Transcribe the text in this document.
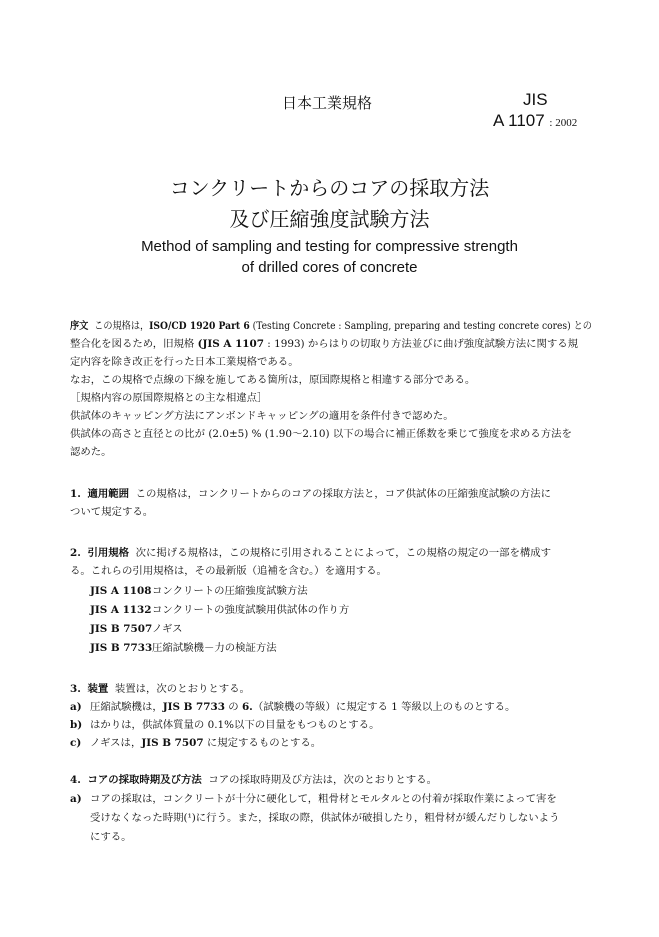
日本工業規格	JIS
A 1107 : 2002
コンクリートからのコアの採取方法
及び圧縮強度試験方法
Method of sampling and testing for compressive strength
of drilled cores of concrete
序文 この規格は，ISO/CD 1920 Part 6 (Testing Concrete : Sampling, preparing and testing concrete cores) との
整合化を図るため，旧規格 (JIS A 1107 : 1993) からはりの切取り方法並びに曲げ強度試験方法に関する規
定内容を除き改正を行った日本工業規格である。
なお，この規格で点線の下線を施してある箇所は，原国際規格と相違する部分である。
［規格内容の原国際規格との主な相違点］
供試体のキャッピング方法にアンボンドキャッピングの適用を条件付きで認めた。
供試体の高さと直径との比が (2.0±5) % (1.90～2.10) 以下の場合に補正係数を乗じて強度を求める方法を
認めた。
1. 適用範囲 この規格は，コンクリートからのコアの採取方法と，コア供試体の圧縮強度試験の方法に
ついて規定する。
2. 引用規格 次に掲げる規格は，この規格に引用されることによって，この規格の規定の一部を構成す
る。これらの引用規格は，その最新版（追補を含む。）を適用する。
JIS A 1108コンクリートの圧縮強度試験方法
JIS A 1132コンクリートの強度試験用供試体の作り方
JIS B 7507ノギス
JIS B 7733圧縮試験機－力の検証方法
3. 装置 装置は，次のとおりとする。
a) 圧縮試験機は，JIS B 7733 の 6.（試験機の等級）に規定する 1 等級以上のものとする。
b) はかりは，供試体質量の 0.1%以下の目量をもつものとする。
c) ノギスは，JIS B 7507 に規定するものとする。
4. コアの採取時期及び方法 コアの採取時期及び方法は，次のとおりとする。
a) コアの採取は，コンクリートが十分に硬化して，粗骨材とモルタルとの付着が採取作業によって害を
受けなくなった時期(¹)に行う。また，採取の際，供試体が破損したり，粗骨材が緩んだりしないよう
にする。
